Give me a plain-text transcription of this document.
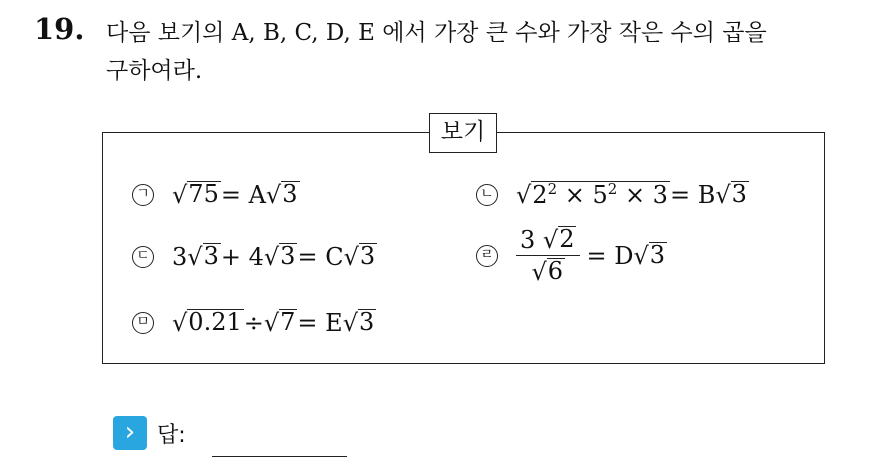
19. 다음 보기의 A, B, C, D, E 에서 가장 큰 수와 가장 작은 수의 곱을
구하여라.
보기
ㄱ √ 75 = A √ 3	ㄴ √ $2^2 \times 5^2 \times 3 = B$ √ 3
ㄷ 3 √ 3 + 4 √ 3 = C √ 3	ㄹ $\frac{3 √ 2}{√ 6} = D$ √ 3
ㅁ √ 0.21 ÷ √ 7 = E √ 3
› 답:
